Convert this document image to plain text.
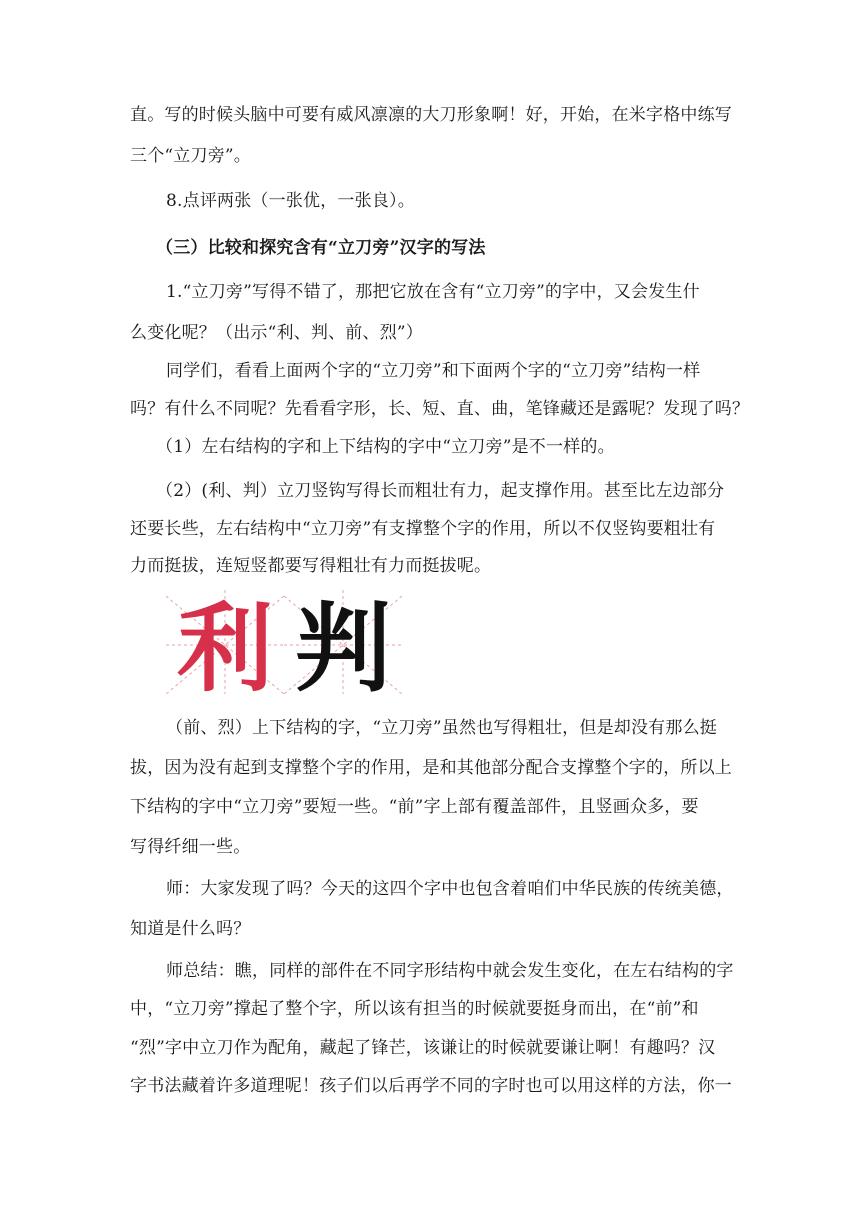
直。写的时候头脑中可要有威风凛凛的大刀形象啊！好，开始，在米字格中练写
三个“立刀旁”。
8.点评两张（一张优，一张良）。
（三）比较和探究含有“立刀旁”汉字的写法
1.“立刀旁”写得不错了，那把它放在含有“立刀旁”的字中，又会发生什
么变化呢？（出示“利、判、前、烈”）
同学们，看看上面两个字的“立刀旁”和下面两个字的“立刀旁”结构一样
吗？有什么不同呢？先看看字形，长、短、直、曲，笔锋藏还是露呢？发现了吗？
（1）左右结构的字和上下结构的字中“立刀旁”是不一样的。
（2）(利、判）立刀竖钩写得长而粗壮有力，起支撑作用。甚至比左边部分
还要长些，左右结构中“立刀旁”有支撑整个字的作用，所以不仅竖钩要粗壮有
力而挺拔，连短竖都要写得粗壮有力而挺拔呢。
利 判
（前、烈）上下结构的字，“立刀旁”虽然也写得粗壮，但是却没有那么挺
拔，因为没有起到支撑整个字的作用，是和其他部分配合支撑整个字的，所以上
下结构的字中“立刀旁”要短一些。“前”字上部有覆盖部件，且竖画众多，要
写得纤细一些。
师：大家发现了吗？今天的这四个字中也包含着咱们中华民族的传统美德，
知道是什么吗？
师总结：瞧，同样的部件在不同字形结构中就会发生变化，在左右结构的字
中，“立刀旁”撑起了整个字，所以该有担当的时候就要挺身而出，在“前”和
“烈”字中立刀作为配角，藏起了锋芒，该谦让的时候就要谦让啊！有趣吗？汉
字书法藏着许多道理呢！孩子们以后再学不同的字时也可以用这样的方法，你一
